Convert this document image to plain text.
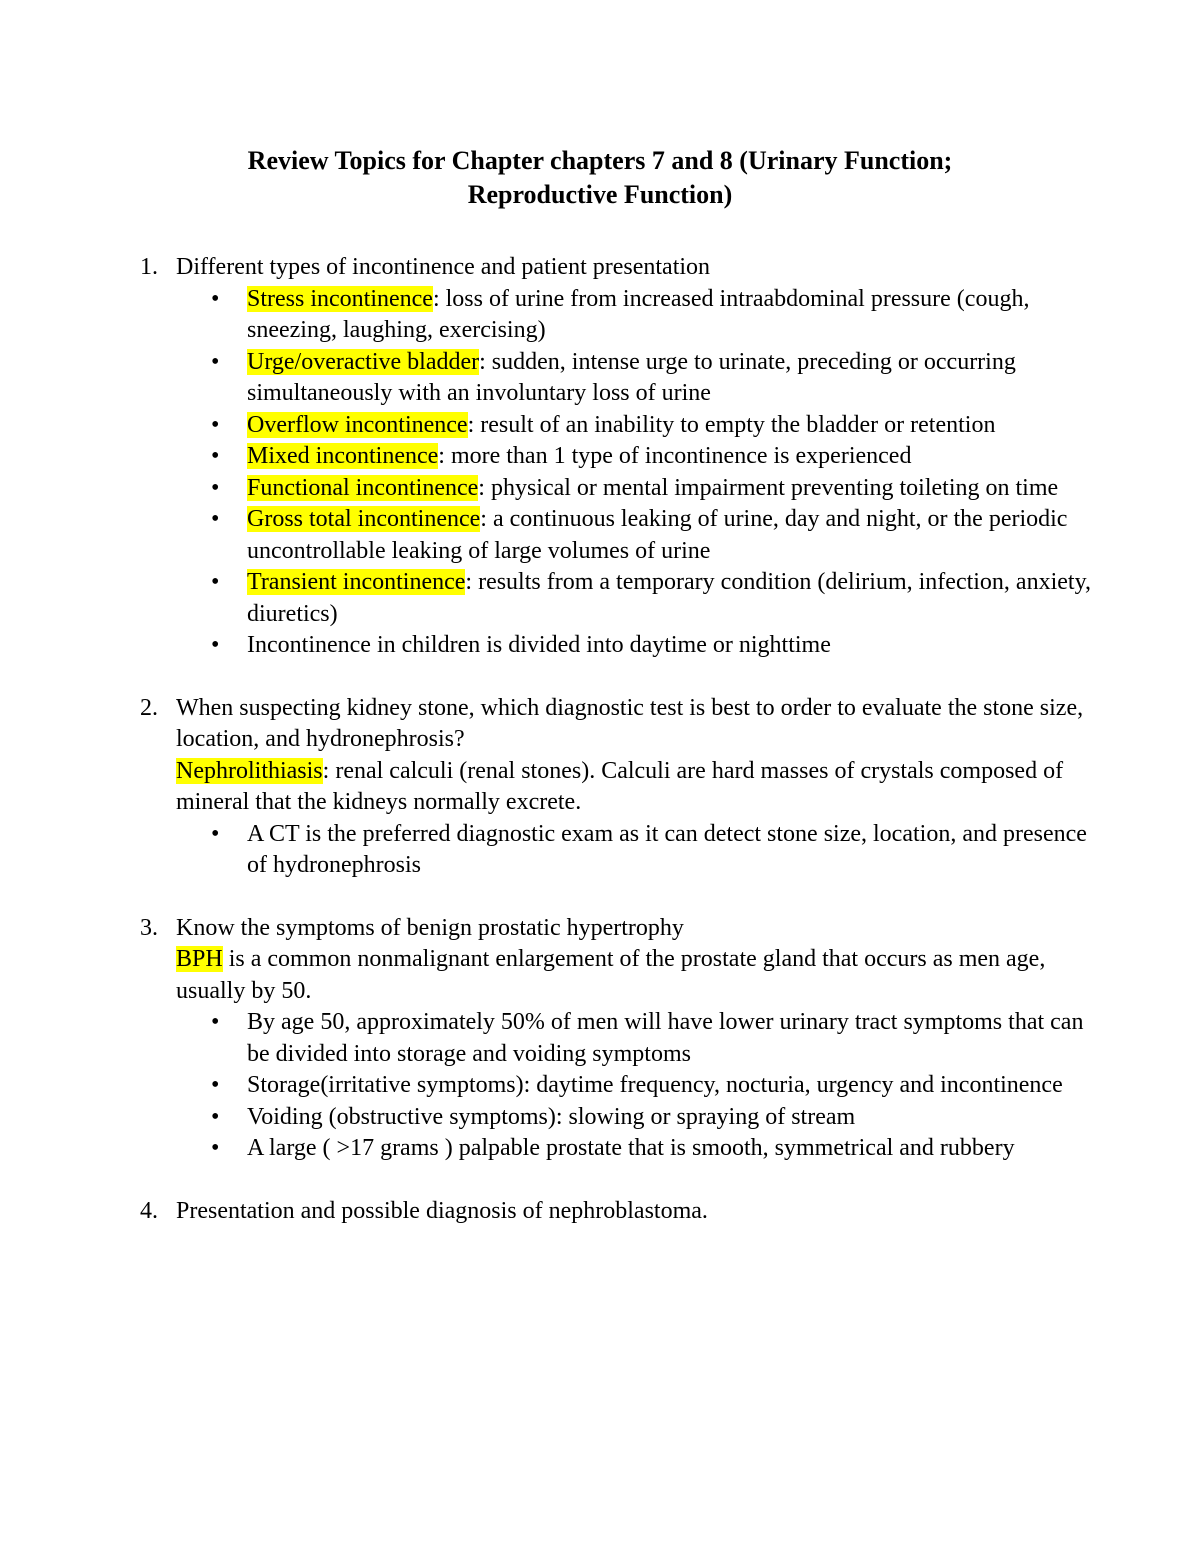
Review Topics for Chapter chapters 7 and 8 (Urinary Function;
Reproductive Function)
1. Different types of incontinence and patient presentation
• Stress incontinence: loss of urine from increased intraabdominal pressure (cough, sneezing, laughing, exercising)
• Urge/overactive bladder: sudden, intense urge to urinate, preceding or occurring simultaneously with an involuntary loss of urine
• Overflow incontinence: result of an inability to empty the bladder or retention
• Mixed incontinence: more than 1 type of incontinence is experienced
• Functional incontinence: physical or mental impairment preventing toileting on time
• Gross total incontinence: a continuous leaking of urine, day and night, or the periodic uncontrollable leaking of large volumes of urine
• Transient incontinence: results from a temporary condition (delirium, infection, anxiety, diuretics)
• Incontinence in children is divided into daytime or nighttime
2. When suspecting kidney stone, which diagnostic test is best to order to evaluate the stone size, location, and hydronephrosis?
Nephrolithiasis: renal calculi (renal stones). Calculi are hard masses of crystals composed of mineral that the kidneys normally excrete.
• A CT is the preferred diagnostic exam as it can detect stone size, location, and presence of hydronephrosis
3. Know the symptoms of benign prostatic hypertrophy
BPH is a common nonmalignant enlargement of the prostate gland that occurs as men age, usually by 50.
• By age 50, approximately 50% of men will have lower urinary tract symptoms that can be divided into storage and voiding symptoms
• Storage(irritative symptoms): daytime frequency, nocturia, urgency and incontinence
• Voiding (obstructive symptoms): slowing or spraying of stream
• A large ( >17 grams ) palpable prostate that is smooth, symmetrical and rubbery
4. Presentation and possible diagnosis of nephroblastoma.
